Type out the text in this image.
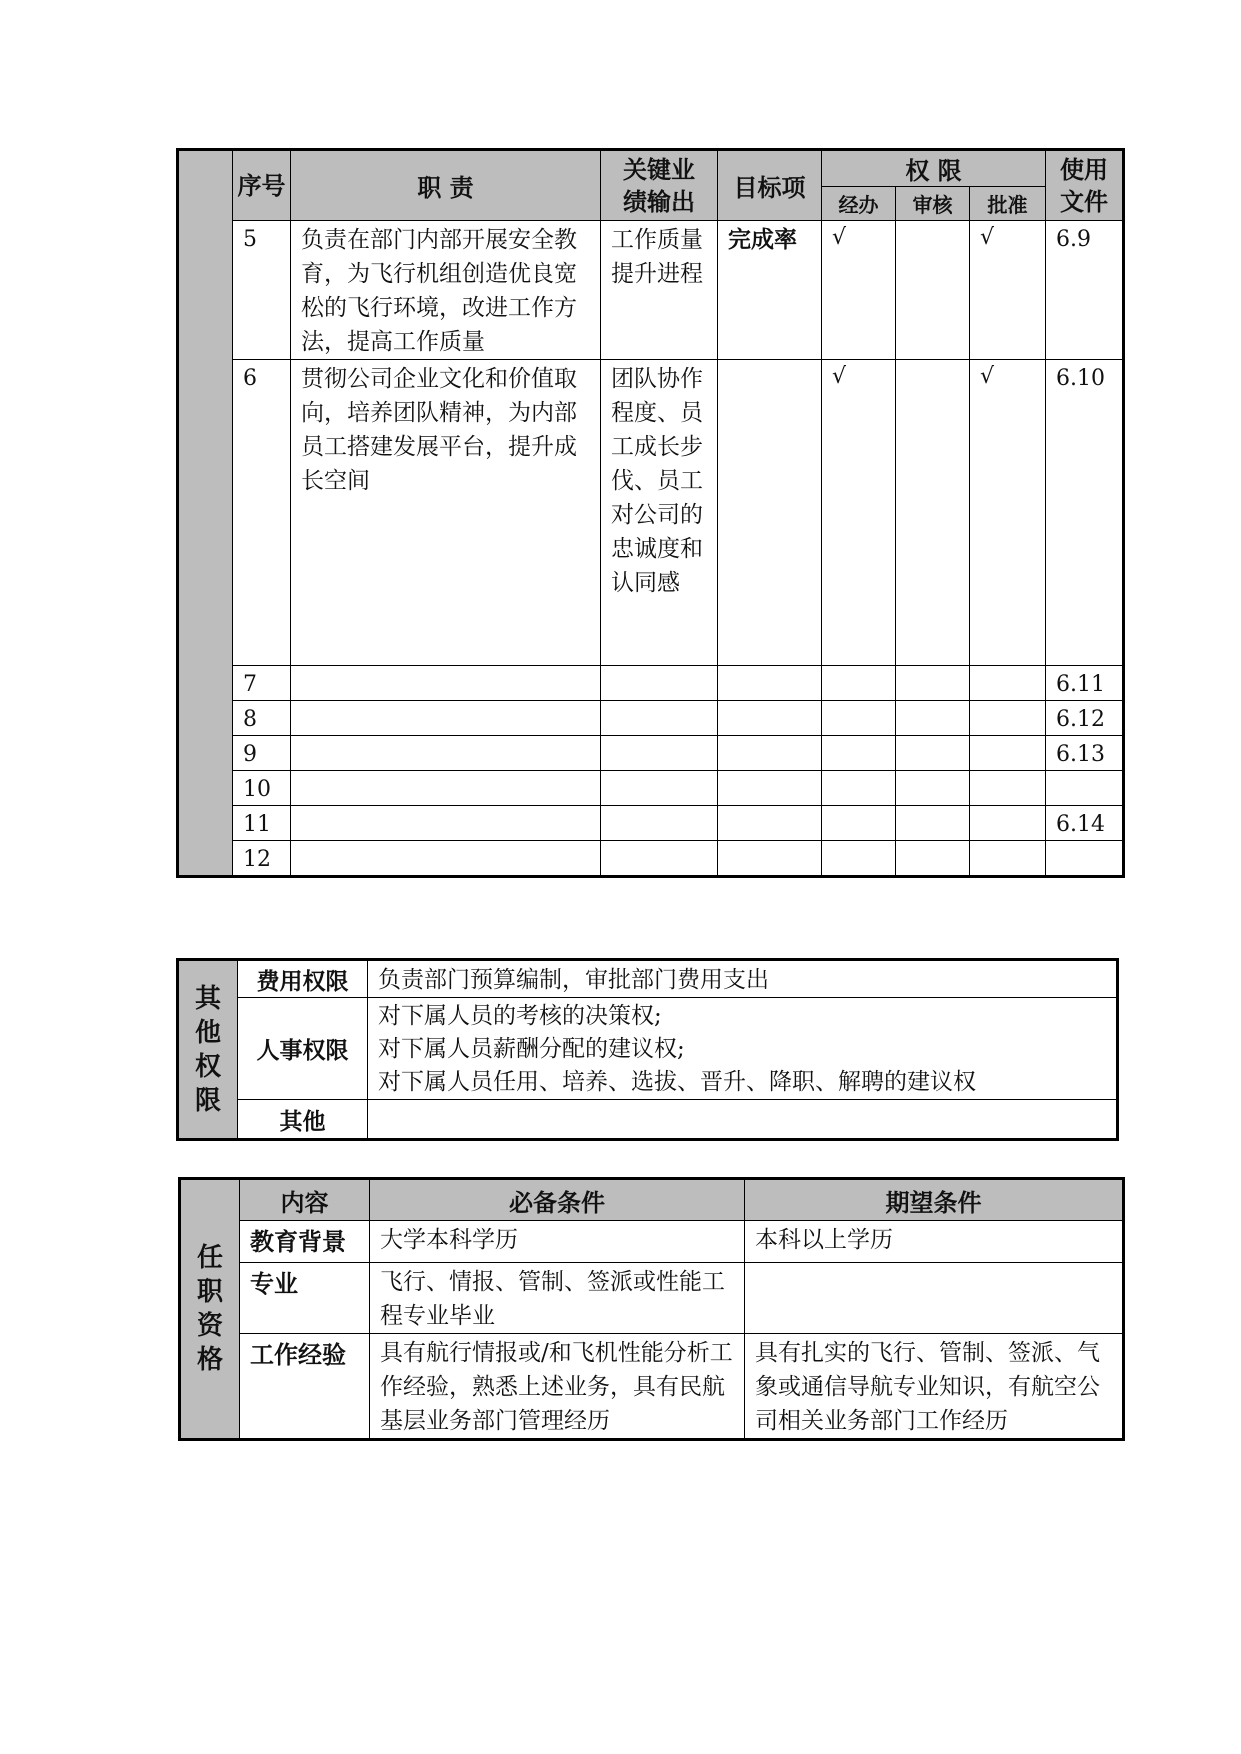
	序号	职 责	关键业绩输出	目标项	权 限			使用文件
					经办	审核	批准	
	5	负责在部门内部开展安全教育，为飞行机组创造优良宽松的飞行环境，改进工作方法，提高工作质量	工作质量提升进程	完成率	√		√	6.9
	6	贯彻公司企业文化和价值取向，培养团队精神，为内部员工搭建发展平台，提升成长空间	团队协作程度、员工成长步伐、员工对公司的忠诚度和认同感		√		√	6.10
	7							6.11
	8							6.12
	9							6.13
	10							
	11							6.14
	12							
其他权限	费用权限	负责部门预算编制，审批部门费用支出
	人事权限	对下属人员的考核的决策权;
对下属人员薪酬分配的建议权;
对下属人员任用、培养、选拔、晋升、降职、解聘的建议权

	其他	
任职资格	内容	必备条件	期望条件
	教育背景	大学本科学历	本科以上学历
	专业	飞行、情报、管制、签派或性能工程专业毕业	
	工作经验	具有航行情报或/和飞机性能分析工作经验，熟悉上述业务，具有民航基层业务部门管理经历	具有扎实的飞行、管制、签派、气象或通信导航专业知识，有航空公司相关业务部门工作经历
